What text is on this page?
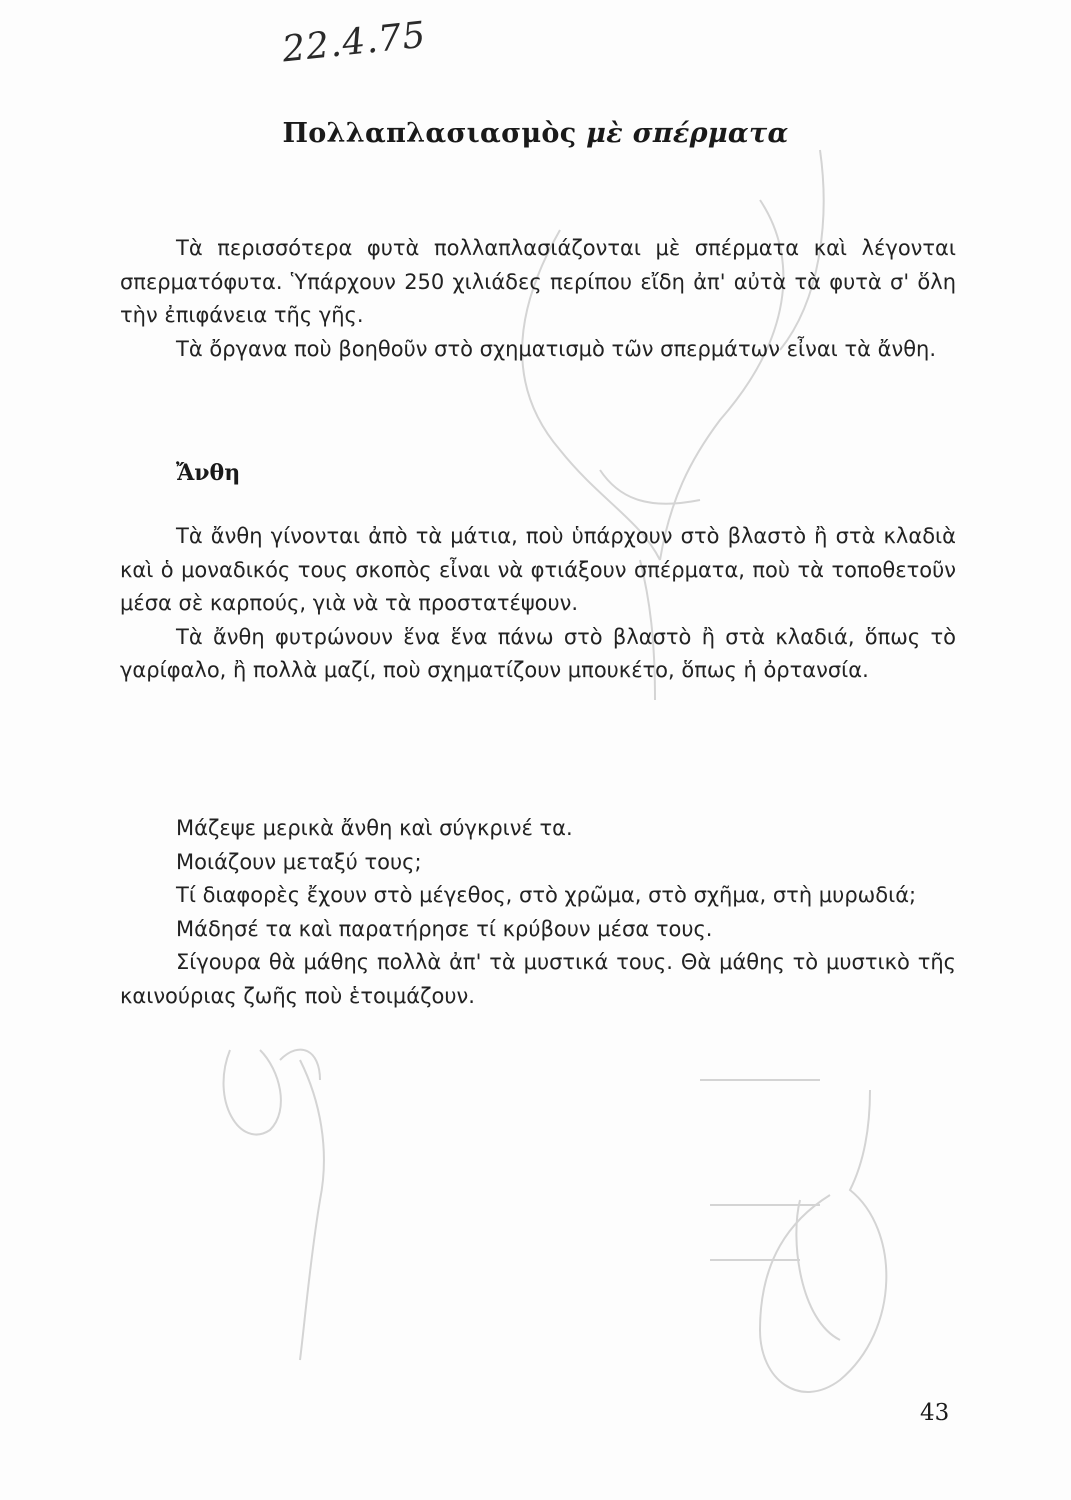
22.4.75
Πολλαπλασιασμὸς μὲ σπέρματα

Τὰ περισσότερα φυτὰ πολλαπλασιάζονται μὲ σπέρματα καὶ λέγονται σπερματόφυτα. Ὑπάρχουν 250 χιλιάδες περίπου εἴδη ἀπ' αὐτὰ τὰ φυτὰ σ' ὅλη τὴν ἐπιφάνεια τῆς γῆς.

Τὰ ὄργανα ποὺ βοηθοῦν στὸ σχηματισμὸ τῶν σπερμάτων εἶναι τὰ ἄνθη.

Ἄνθη

Τὰ ἄνθη γίνονται ἀπὸ τὰ μάτια, ποὺ ὑπάρχουν στὸ βλαστὸ ἢ στὰ κλαδιὰ καὶ ὁ μοναδικός τους σκοπὸς εἶναι νὰ φτιάξουν σπέρματα, ποὺ τὰ τοποθετοῦν μέσα σὲ καρπούς, γιὰ νὰ τὰ προστατέψουν.

Τὰ ἄνθη φυτρώνουν ἕνα ἕνα πάνω στὸ βλαστὸ ἢ στὰ κλαδιά, ὅπως τὸ γαρίφαλο, ἢ πολλὰ μαζί, ποὺ σχηματίζουν μπουκέτο, ὅπως ἡ ὀρτανσία.

Μάζεψε μερικὰ ἄνθη καὶ σύγκρινέ τα.

Μοιάζουν μεταξύ τους;

Τί διαφορὲς ἔχουν στὸ μέγεθος, στὸ χρῶμα, στὸ σχῆμα, στὴ μυρωδιά;

Μάδησέ τα καὶ παρατήρησε τί κρύβουν μέσα τους.

Σίγουρα θὰ μάθης πολλὰ ἀπ' τὰ μυστικά τους. Θὰ μάθης τὸ μυστικὸ τῆς καινούριας ζωῆς ποὺ ἑτοιμάζουν.

43
